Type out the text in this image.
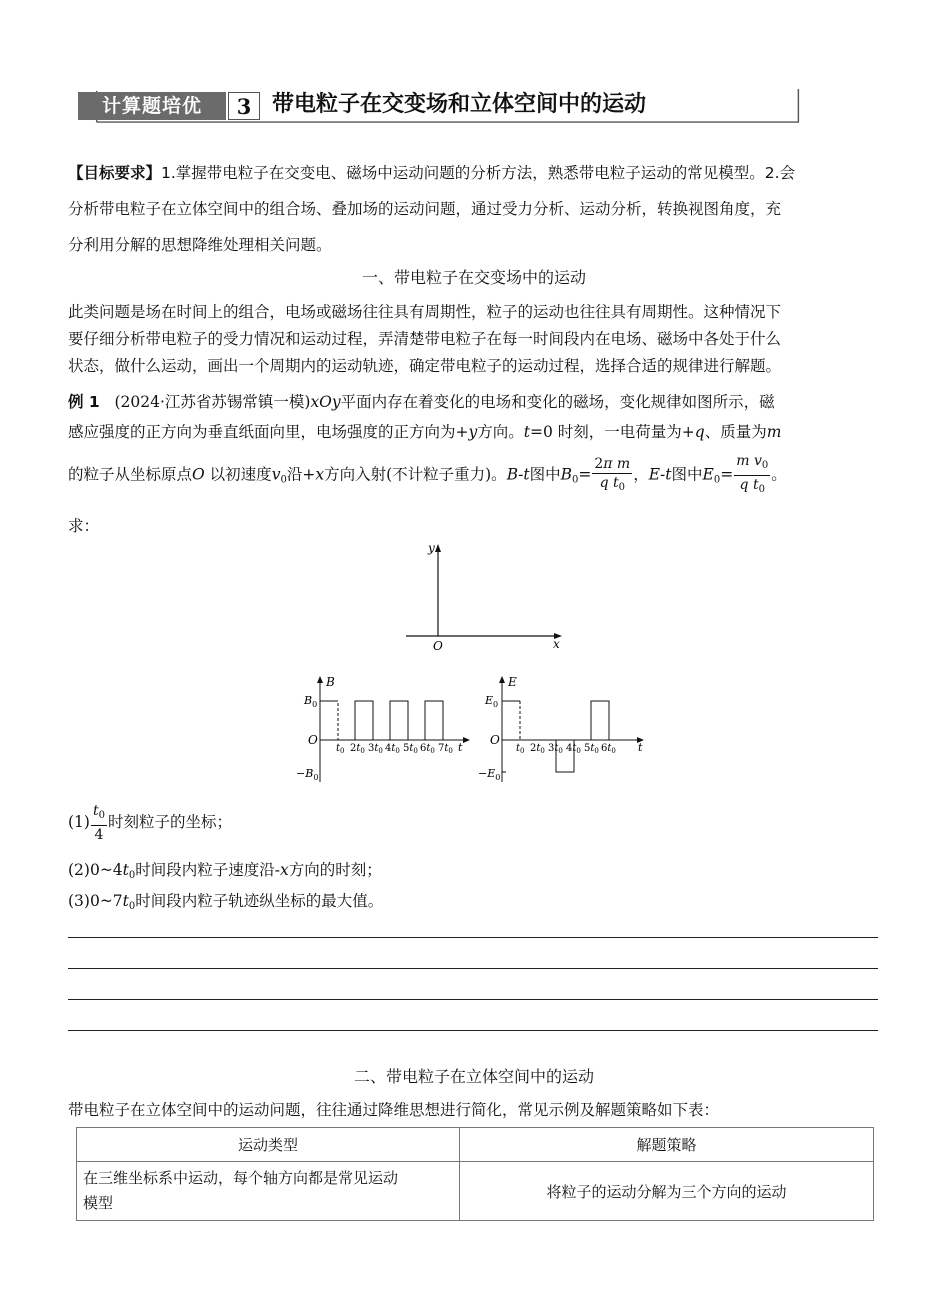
计算题培优	3 带电粒子在交变场和立体空间中的运动
【目标要求】1.掌握带电粒子在交变电、磁场中运动问题的分析方法，熟悉带电粒子运动的常见模型。2.会
分析带电粒子在立体空间中的组合场、叠加场的运动问题，通过受力分析、运动分析，转换视图角度，充
分利用分解的思想降维处理相关问题。
一、带电粒子在交变场中的运动
此类问题是场在时间上的组合，电场或磁场往往具有周期性，粒子的运动也往往具有周期性。这种情况下
要仔细分析带电粒子的受力情况和运动过程，弄清楚带电粒子在每一时间段内在电场、磁场中各处于什么
状态，做什么运动，画出一个周期内的运动轨迹，确定带电粒子的运动过程，选择合适的规律进行解题。
例 1 (2024·江苏省苏锡常镇一模)xOy平面内存在着变化的电场和变化的磁场，变化规律如图所示，磁
感应强度的正方向为垂直纸面向里，电场强度的正方向为+y方向。t=0 时刻，一电荷量为+q、质量为m
的粒子从坐标原点O 以初速度$v_0$沿+x方向入射(不计粒子重力)。B-t图中$B_0= \frac{\text{2π m}}{q t_0}$ ，E-t图中$E_0= \frac{m v_0}{q t_0}$ 。
求：
y
O	x
B
$B_0$
O
$-B_0$
$t_0$ $2t_0$ $3t_0$ $4t_0$ $5t_0$ $6t_0$ $7t_0$ t
E
$E_0$
O
$-E_0$
$t_0$ $2t_0$ $3t_0$ $4t_0$ $5t_0$ $6t_0$ t
$(1) \frac{t_0}{4}$ 时刻粒子的坐标；
$(2)0\sim 4t_0$时间段内粒子速度沿-x方向的时刻；
$(3)0\sim 7t_0$时间段内粒子轨迹纵坐标的最大值。
二、带电粒子在立体空间中的运动
带电粒子在立体空间中的运动问题，往往通过降维思想进行简化，常见示例及解题策略如下表：
运动类型	解题策略
在三维坐标系中运动，每个轴方向都是常见运动
模型	将粒子的运动分解为三个方向的运动
